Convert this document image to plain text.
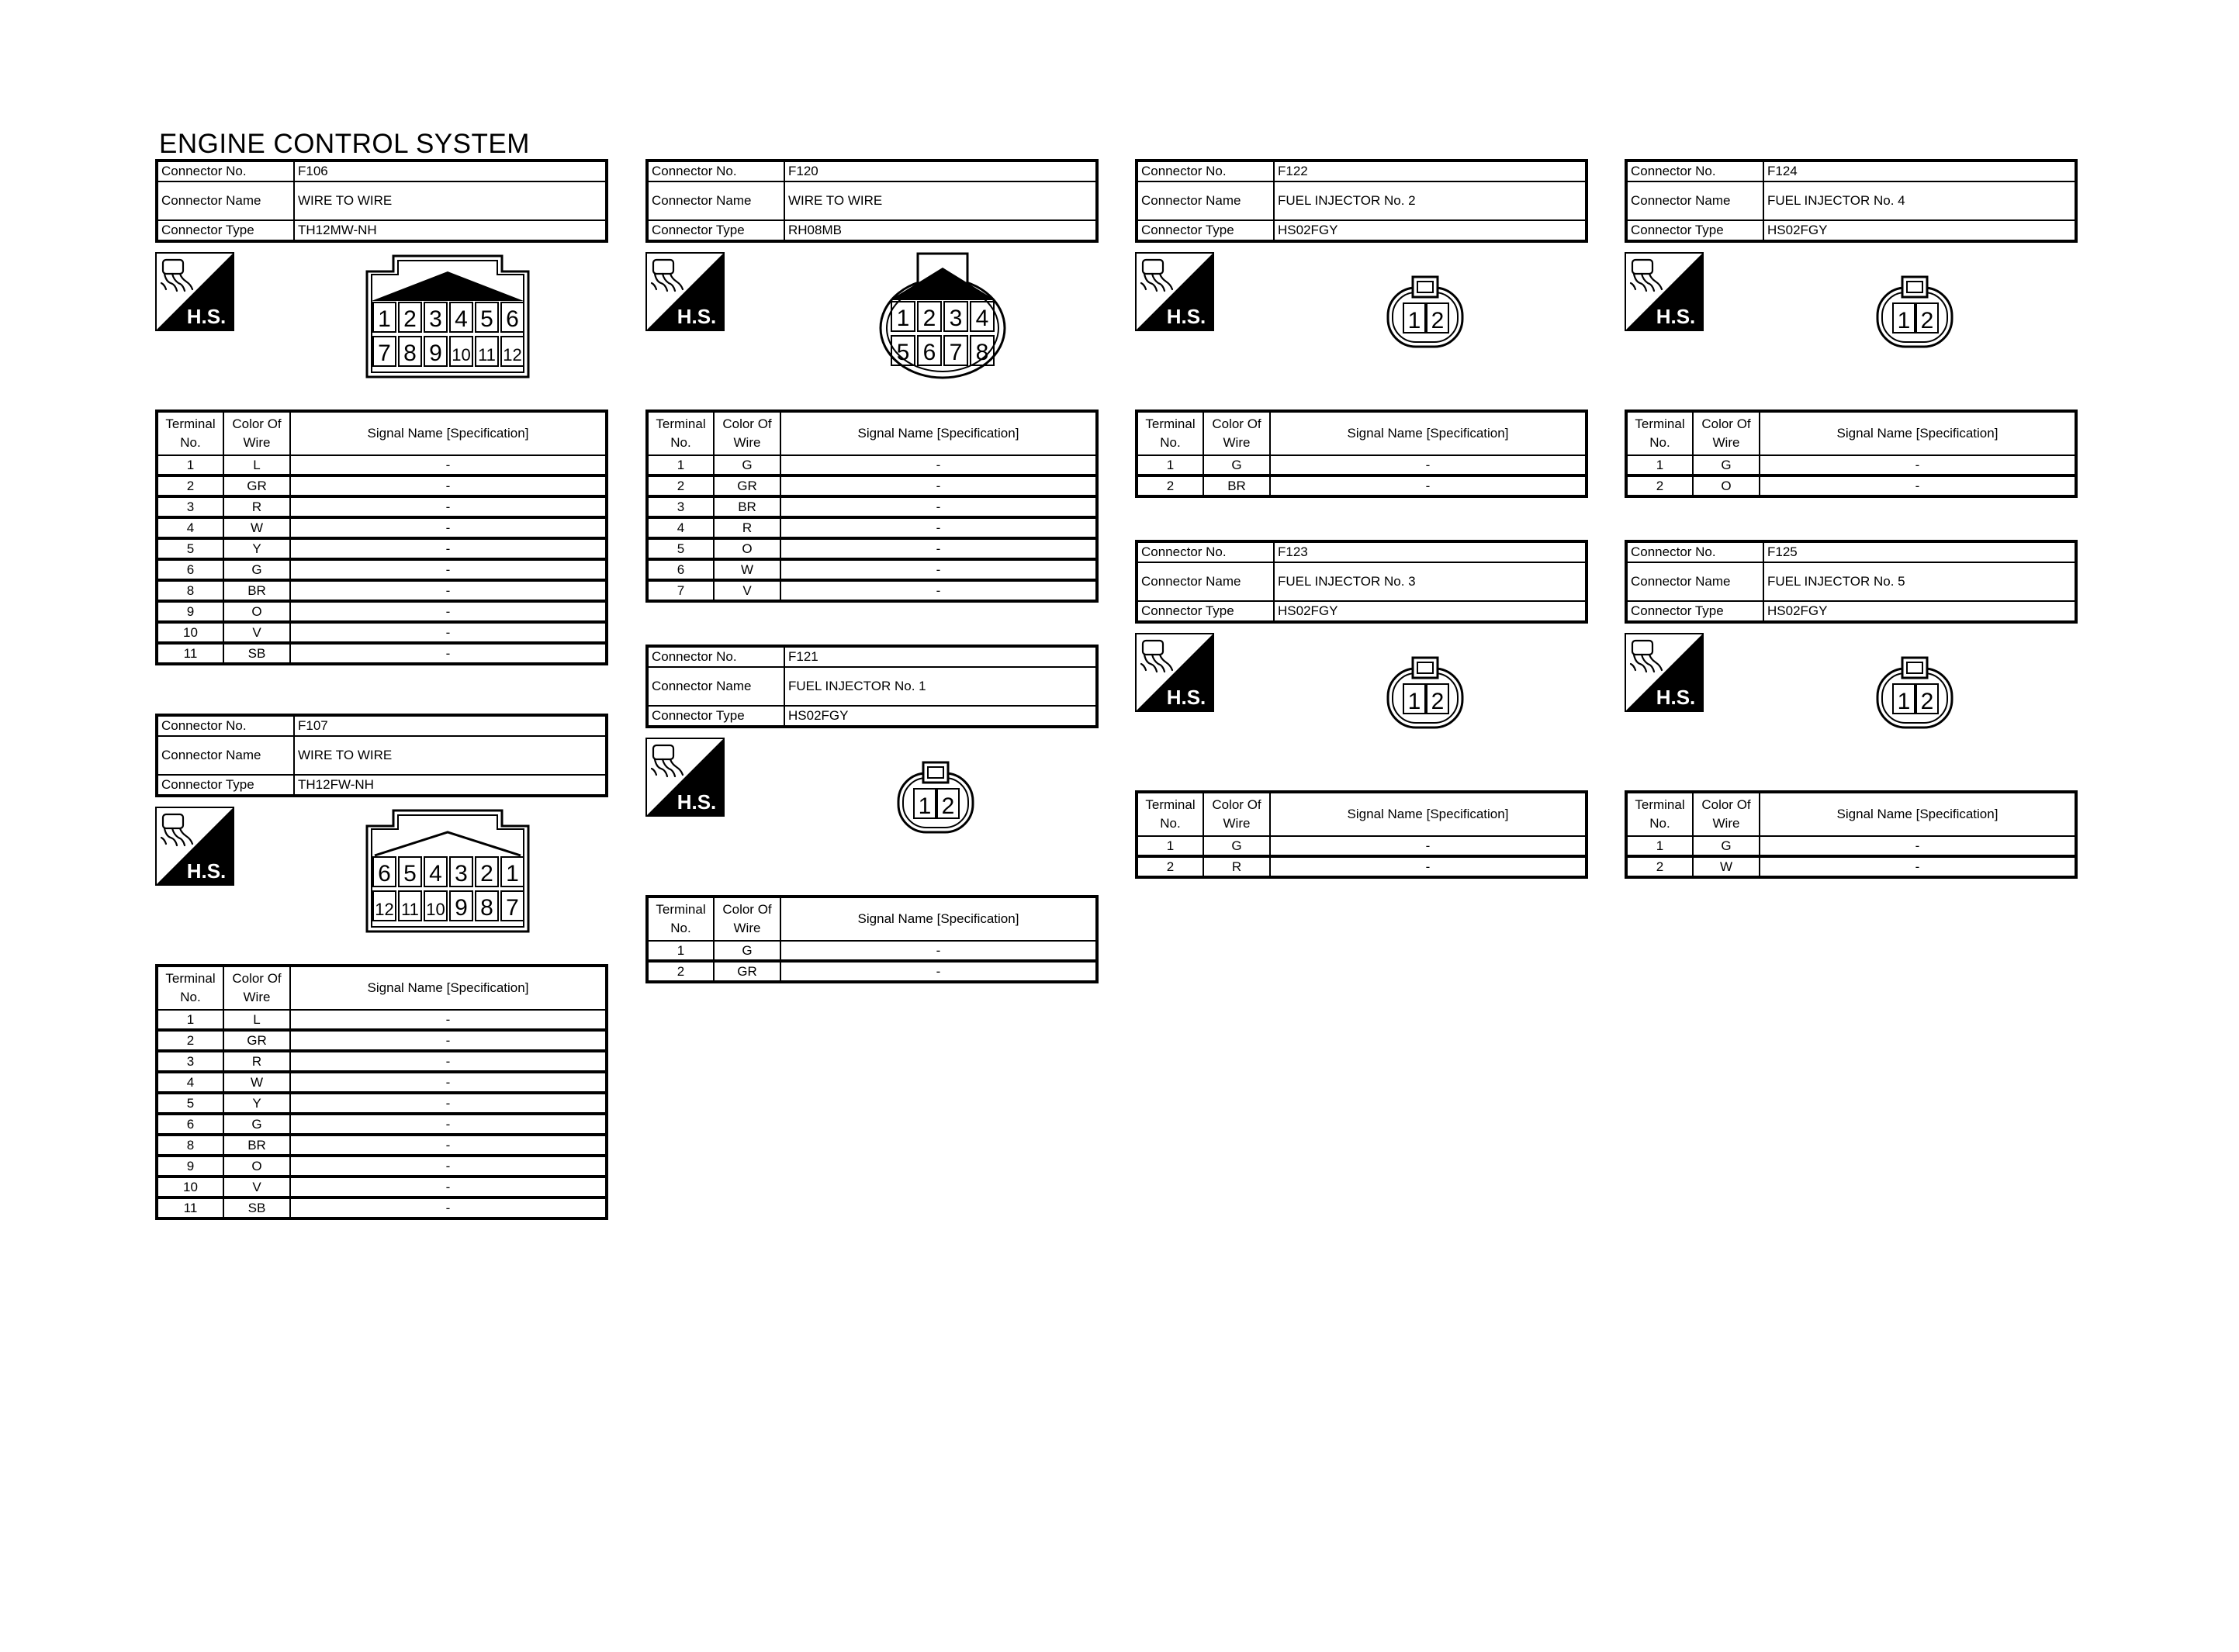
ENGINE CONTROL SYSTEM
Connector No.	F106
Connector Name	WIRE TO WIRE
Connector Type	TH12MW-NH
H.S.	1 2 3 4 5 6
7 8 9 10 11 12
Terminal No.	Color Of Wire	Signal Name [Specification]
1	L	-
2	GR	-
3	R	-
4	W	-
5	Y	-
6	G	-
8	BR	-
9	O	-
10	V	-
11	SB	-
Connector No.	F107
Connector Name	WIRE TO WIRE
Connector Type	TH12FW-NH
H.S.	6 5 4 3 2 1
12 11 10 9 8 7
Terminal No.	Color Of Wire	Signal Name [Specification]
1	L	-
2	GR	-
3	R	-
4	W	-
5	Y	-
6	G	-
8	BR	-
9	O	-
10	V	-
11	SB	-
Connector No.	F120
Connector Name	WIRE TO WIRE
Connector Type	RH08MB
H.S.	1 2 3 4
5 6 7 8
Terminal No.	Color Of Wire	Signal Name [Specification]
1	G	-
2	GR	-
3	BR	-
4	R	-
5	O	-
6	W	-
7	V	-
Connector No.	F121
Connector Name	FUEL INJECTOR No. 1
Connector Type	HS02FGY
H.S.	1 2
Terminal No.	Color Of Wire	Signal Name [Specification]
1	G	-
2	GR	-
Connector No.	F122
Connector Name	FUEL INJECTOR No. 2
Connector Type	HS02FGY
H.S.	1 2
Terminal No.	Color Of Wire	Signal Name [Specification]
1	G	-
2	BR	-
Connector No.	F123
Connector Name	FUEL INJECTOR No. 3
Connector Type	HS02FGY
H.S.	1 2
Terminal No.	Color Of Wire	Signal Name [Specification]
1	G	-
2	R	-
Connector No.	F124
Connector Name	FUEL INJECTOR No. 4
Connector Type	HS02FGY
H.S.	1 2
Terminal No.	Color Of Wire	Signal Name [Specification]
1	G	-
2	O	-
Connector No.	F125
Connector Name	FUEL INJECTOR No. 5
Connector Type	HS02FGY
H.S.	1 2
Terminal No.	Color Of Wire	Signal Name [Specification]
1	G	-
2	W	-
